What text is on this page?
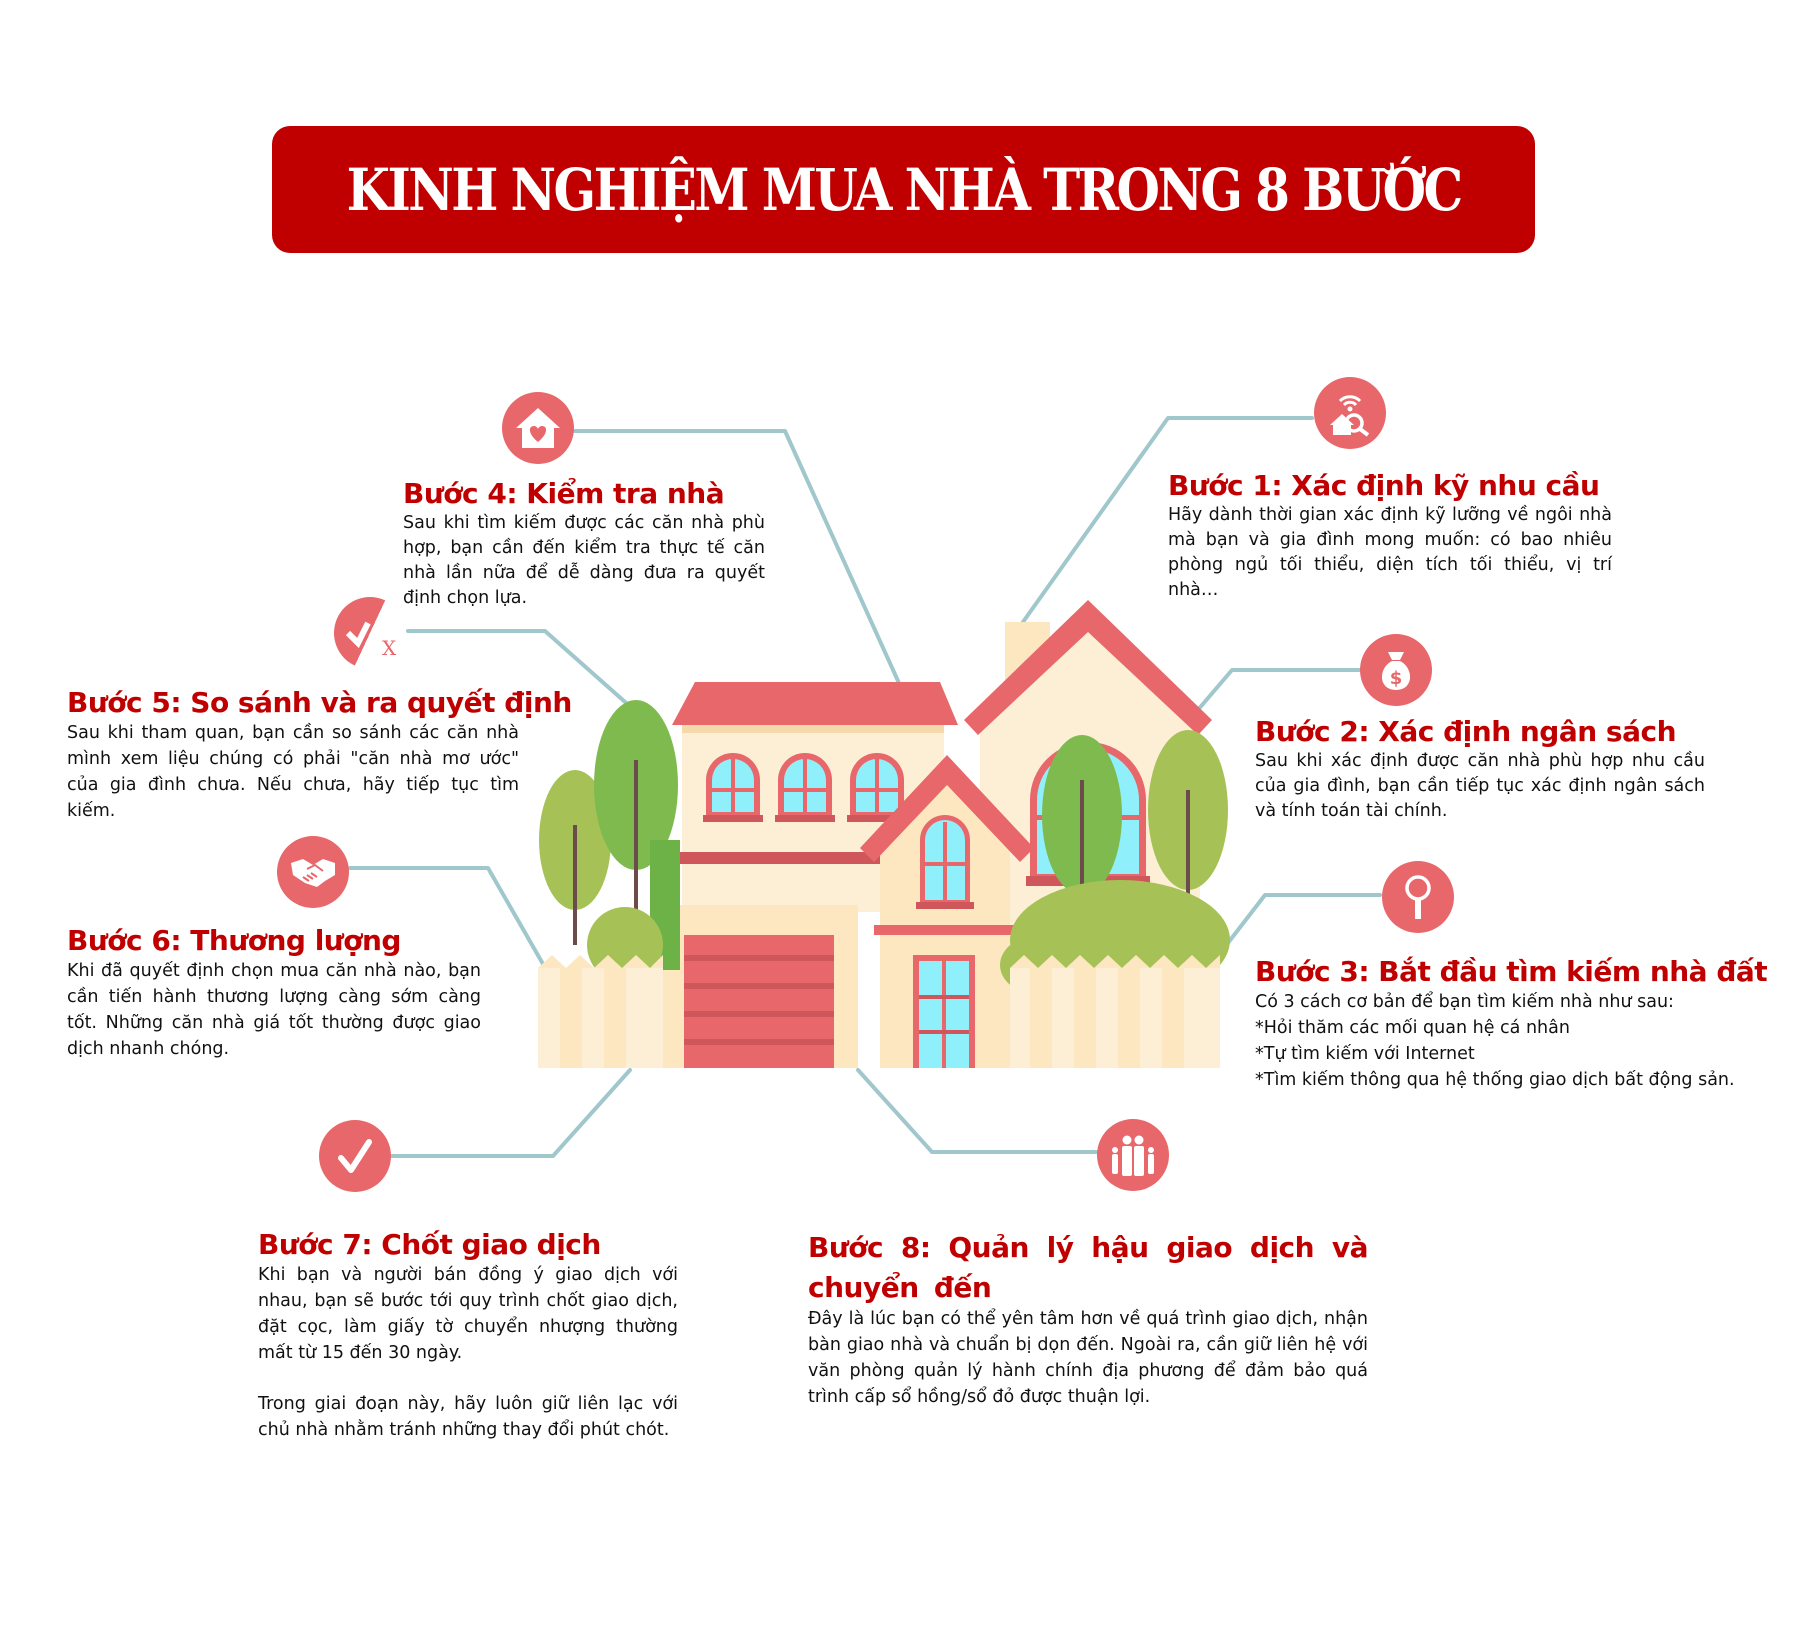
KINH NGHIỆM MUA NHÀ TRONG 8 BƯỚC
$
X
Bước 1: Xác định kỹ nhu cầu

Hãy dành thời gian xác định kỹ lưỡng về ngôi nhà mà bạn và gia đình mong muốn: có bao nhiêu phòng ngủ tối thiểu, diện tích tối thiểu, vị trí nhà…

Bước 2: Xác định ngân sách

Sau khi xác định được căn nhà phù hợp nhu cầu của gia đình, bạn cần tiếp tục xác định ngân sách và tính toán tài chính.

Bước 3: Bắt đầu tìm kiếm nhà đất
Có 3 cách cơ bản để bạn tìm kiếm nhà như sau:
*Hỏi thăm các mối quan hệ cá nhân
*Tự tìm kiếm với Internet
*Tìm kiếm thông qua hệ thống giao dịch bất động sản.
Bước 4: Kiểm tra nhà

Sau khi tìm kiếm được các căn nhà phù hợp, bạn cần đến kiểm tra thực tế căn nhà lần nữa để dễ dàng đưa ra quyết định chọn lựa.

Bước 5: So sánh và ra quyết định

Sau khi tham quan, bạn cần so sánh các căn nhà mình xem liệu chúng có phải "căn nhà mơ ước" của gia đình chưa. Nếu chưa, hãy tiếp tục tìm kiếm.

Bước 6: Thương lượng

Khi đã quyết định chọn mua căn nhà nào, bạn cần tiến hành thương lượng càng sớm càng tốt. Những căn nhà giá tốt thường được giao dịch nhanh chóng.

Bước 7: Chốt giao dịch

Khi bạn và người bán đồng ý giao dịch với nhau, bạn sẽ bước tới quy trình chốt giao dịch, đặt cọc, làm giấy tờ chuyển nhượng thường mất từ 15 đến 30 ngày.

Trong giai đoạn này, hãy luôn giữ liên lạc với chủ nhà nhằm tránh những thay đổi phút chót.

Bước 8: Quản lý hậu giao dịch và chuyển đến

Đây là lúc bạn có thể yên tâm hơn về quá trình giao dịch, nhận bàn giao nhà và chuẩn bị dọn đến. Ngoài ra, cần giữ liên hệ với văn phòng quản lý hành chính địa phương để đảm bảo quá trình cấp sổ hồng/sổ đỏ được thuận lợi.
